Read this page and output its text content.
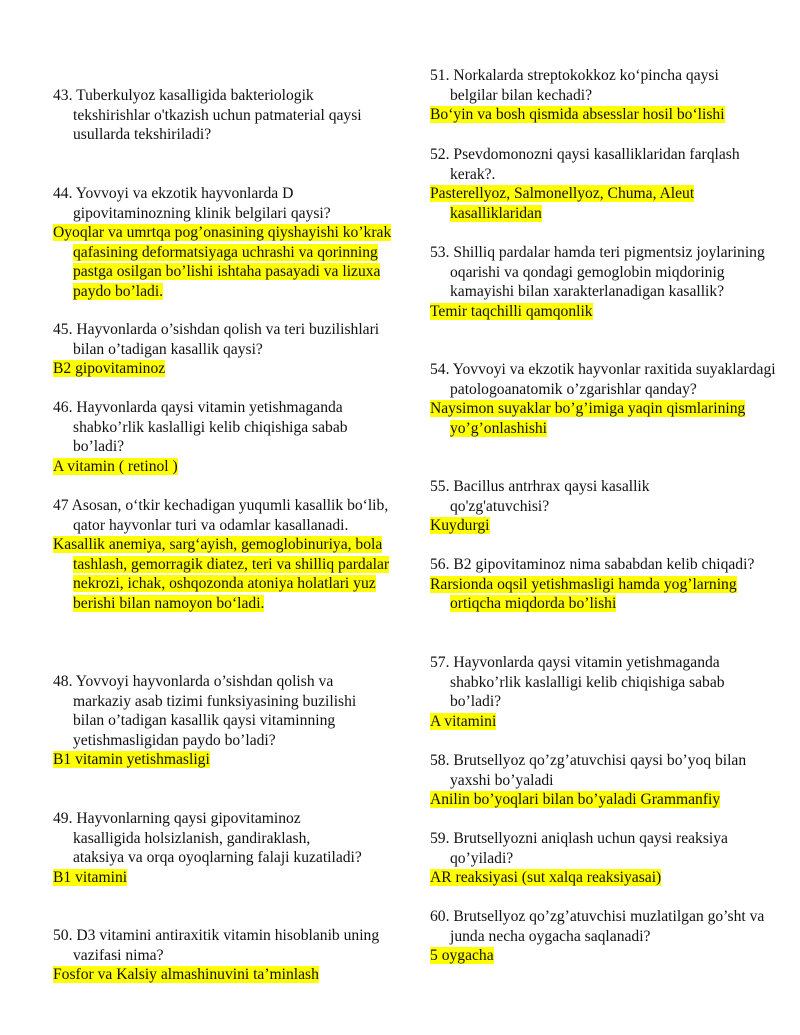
43. Tuberkulyoz kasalligida bakteriologik tekshirishlar o'tkazish uchun patmaterial qaysi usullarda tekshiriladi?

44. Yovvoyi va ekzotik hayvonlarda D gipovitaminozning klinik belgilari qaysi?

Oyoqlar va umrtqa pog’onasining qiyshayishi ko’krak qafasining deformatsiyaga uchrashi va qorinning pastga osilgan bo’lishi ishtaha pasayadi va lizuxa paydo bo’ladi.

45. Hayvonlarda o’sishdan qolish va teri buzilishlari bilan o’tadigan kasallik qaysi?

B2 gipovitaminoz

46. Hayvonlarda qaysi vitamin yetishmaganda shabko’rlik kaslalligi kelib chiqishiga sabab bo’ladi?

A vitamin ( retinol )

47 Asosan, o‘tkir kechadigan yuqumli kasallik bo‘lib, qator hayvonlar turi va odamlar kasallanadi.

Kasallik anemiya, sarg‘ayish, gemoglobinuriya, bola tashlash, gemorragik diatez, teri va shilliq pardalar nekrozi, ichak, oshqozonda atoniya holatlari yuz berishi bilan namoyon bo‘ladi.

48. Yovvoyi hayvonlarda o’sishdan qolish va markaziy asab tizimi funksiyasining buzilishi bilan o’tadigan kasallik qaysi vitaminning yetishmasligidan paydo bo’ladi?

B1 vitamin yetishmasligi

49. Hayvonlarning qaysi gipovitaminoz kasalligida holsizlanish, gandiraklash, ataksiya va orqa oyoqlarning falaji kuzatiladi?

B1 vitamini

50. D3 vitamini antiraxitik vitamin hisoblanib uning vazifasi nima?

Fosfor va Kalsiy almashinuvini ta’minlash

51. Norkalarda streptokokkoz ko‘pincha qaysi belgilar bilan kechadi?

Bo‘yin va bosh qismida absesslar hosil bo‘lishi

52. Psevdomonozni qaysi kasalliklaridan farqlash kerak?.

Pasterellyoz, Salmonellyoz, Chuma, Aleut kasalliklaridan

53. Shilliq pardalar hamda teri pigmentsiz joylarining oqarishi va qondagi gemoglobin miqdorinig kamayishi bilan xarakterlanadigan kasallik?

Temir taqchilli qamqonlik

54. Yovvoyi va ekzotik hayvonlar raxitida suyaklardagi patologoanatomik o’zgarishlar qanday?

Naysimon suyaklar bo’g’imiga yaqin qismlarining yo’g’onlashishi

55. Bacillus antrhrax qaysi kasallik qo'zg'atuvchisi?

Kuydurgi

56. B2 gipovitaminoz nima sababdan kelib chiqadi?

Rarsionda oqsil yetishmasligi hamda yog’larning ortiqcha miqdorda bo’lishi

57. Hayvonlarda qaysi vitamin yetishmaganda shabko’rlik kaslalligi kelib chiqishiga sabab bo’ladi?

A vitamini

58. Brutsellyoz qo’zg’atuvchisi qaysi bo’yoq bilan yaxshi bo’yaladi

Anilin bo’yoqlari bilan bo’yaladi Grammanfiy

59. Brutsellyozni aniqlash uchun qaysi reaksiya qo’yiladi?

AR reaksiyasi (sut xalqa reaksiyasai)

60. Brutsellyoz qo’zg’atuvchisi muzlatilgan go’sht va junda necha oygacha saqlanadi?

5 oygacha
